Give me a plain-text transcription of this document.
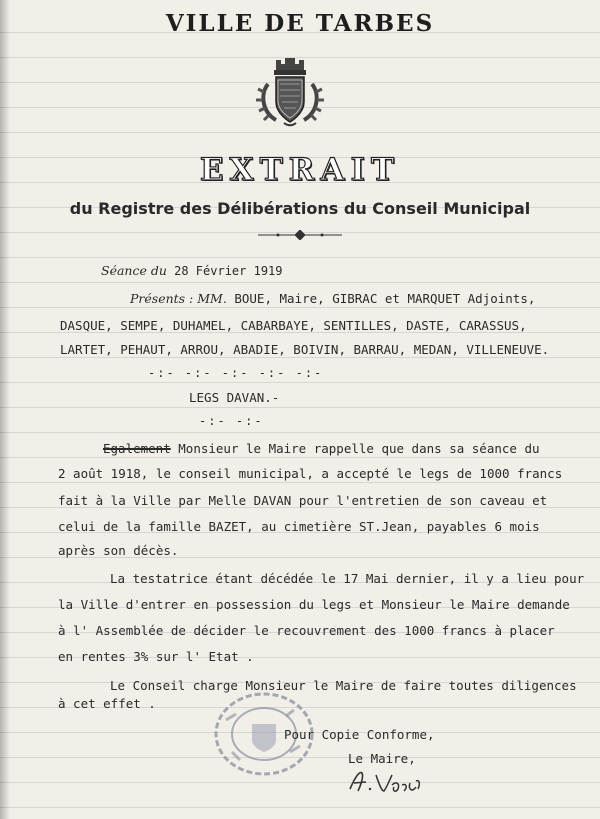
VILLE DE TARBES
EXTRAIT
du Registre des Délibérations du Conseil Municipal
Séance du 28 Février 1919
Présents : MM. BOUE, Maire, GIBRAC et MARQUET Adjoints,
DASQUE, SEMPE, DUHAMEL, CABARBAYE, SENTILLES, DASTE, CARASSUS,
LARTET, PEHAUT, ARROU, ABADIE, BOIVIN, BARRAU, MEDAN, VILLENEUVE.
-:- -:- -:- -:- -:-
LEGS DAVAN.-
-:- -:-
Egalement Monsieur le Maire rappelle que dans sa séance du
2 août 1918, le conseil municipal, a accepté le legs de 1000 francs
fait à la Ville par Melle DAVAN pour l'entretien de son caveau et
celui de la famille BAZET, au cimetière ST.Jean, payables 6 mois
après son décès.
La testatrice étant décédée le 17 Mai dernier, il y a lieu pour
la Ville d'entrer en possession du legs et Monsieur le Maire demande
à l' Assemblée de décider le recouvrement des 1000 francs à placer
en rentes 3% sur l' Etat .
Le Conseil charge Monsieur le Maire de faire toutes diligences
à cet effet .
Pour Copie Conforme,
Le Maire,
